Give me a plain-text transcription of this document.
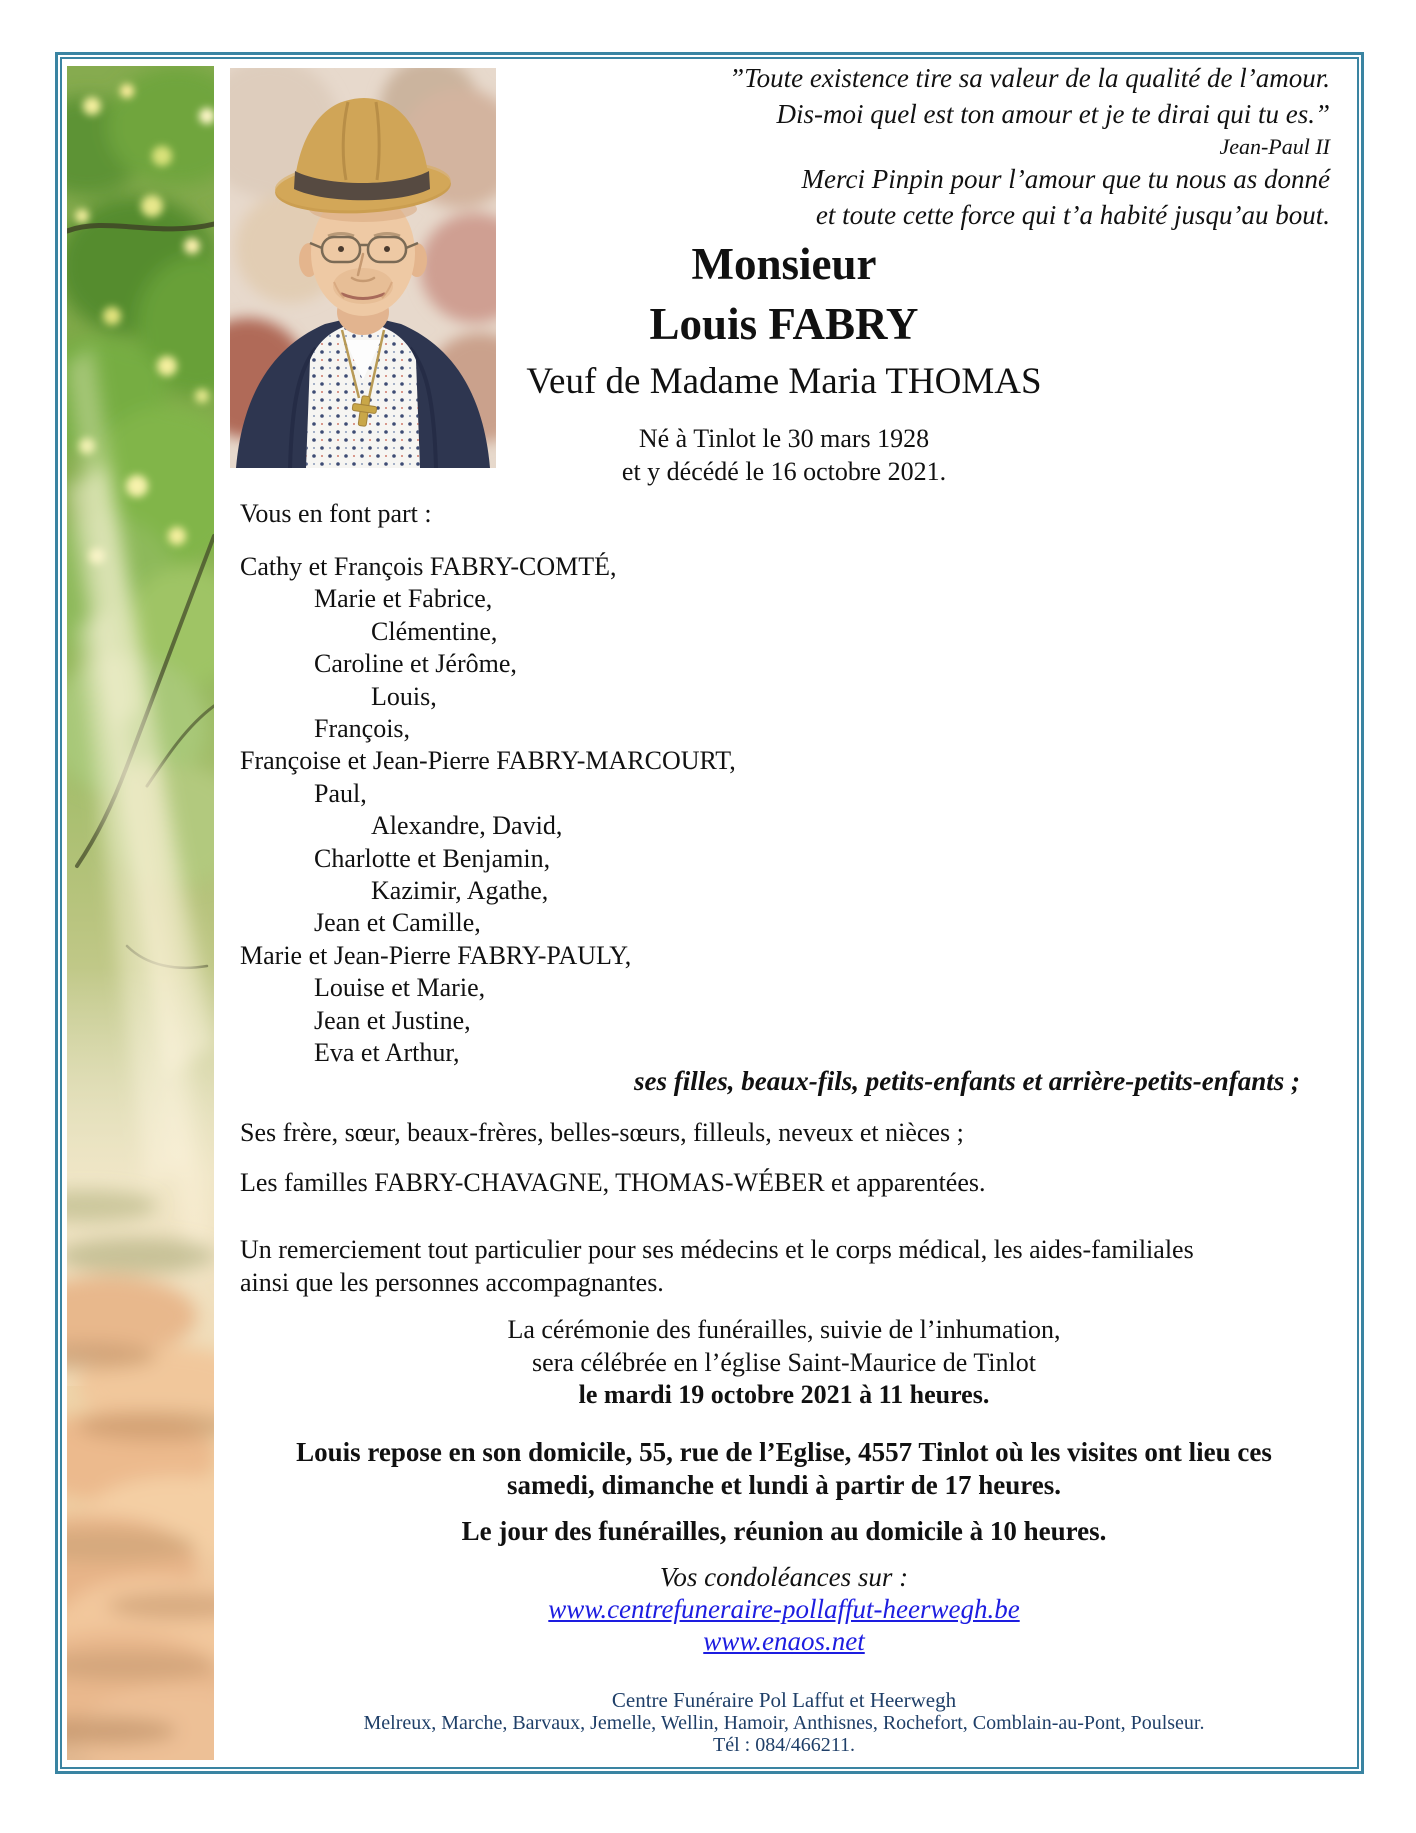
”Toute existence tire sa valeur de la qualité de l’amour.
Dis-moi quel est ton amour et je te dirai qui tu es.”
Jean-Paul II
Merci Pinpin pour l’amour que tu nous as donné
et toute cette force qui t’a habité jusqu’au bout.
Monsieur
Louis FABRY
Veuf de Madame Maria THOMAS
Né à Tinlot le 30 mars 1928
et y décédé le 16 octobre 2021.
Vous en font part :
Cathy et François FABRY-COMTÉ,
Marie et Fabrice,
Clémentine,
Caroline et Jérôme,
Louis,
François,
Françoise et Jean-Pierre FABRY-MARCOURT,
Paul,
Alexandre, David,
Charlotte et Benjamin,
Kazimir, Agathe,
Jean et Camille,
Marie et Jean-Pierre FABRY-PAULY,
Louise et Marie,
Jean et Justine,
Eva et Arthur,
ses filles, beaux-fils, petits-enfants et arrière-petits-enfants ;
Ses frère, sœur, beaux-frères, belles-sœurs, filleuls, neveux et nièces ;
Les familles FABRY-CHAVAGNE, THOMAS-WÉBER et apparentées.
Un remerciement tout particulier pour ses médecins et le corps médical, les aides-familiales
ainsi que les personnes accompagnantes.
La cérémonie des funérailles, suivie de l’inhumation,
sera célébrée en l’église Saint-Maurice de Tinlot
le mardi 19 octobre 2021 à 11 heures.
Louis repose en son domicile, 55, rue de l’Eglise, 4557 Tinlot où les visites ont lieu ces
samedi, dimanche et lundi à partir de 17 heures.
Le jour des funérailles, réunion au domicile à 10 heures.
Vos condoléances sur :
www.centrefuneraire-pollaffut-heerwegh.be
www.enaos.net
Centre Funéraire Pol Laffut et Heerwegh
Melreux, Marche, Barvaux, Jemelle, Wellin, Hamoir, Anthisnes, Rochefort, Comblain-au-Pont, Poulseur.
Tél : 084/466211.
